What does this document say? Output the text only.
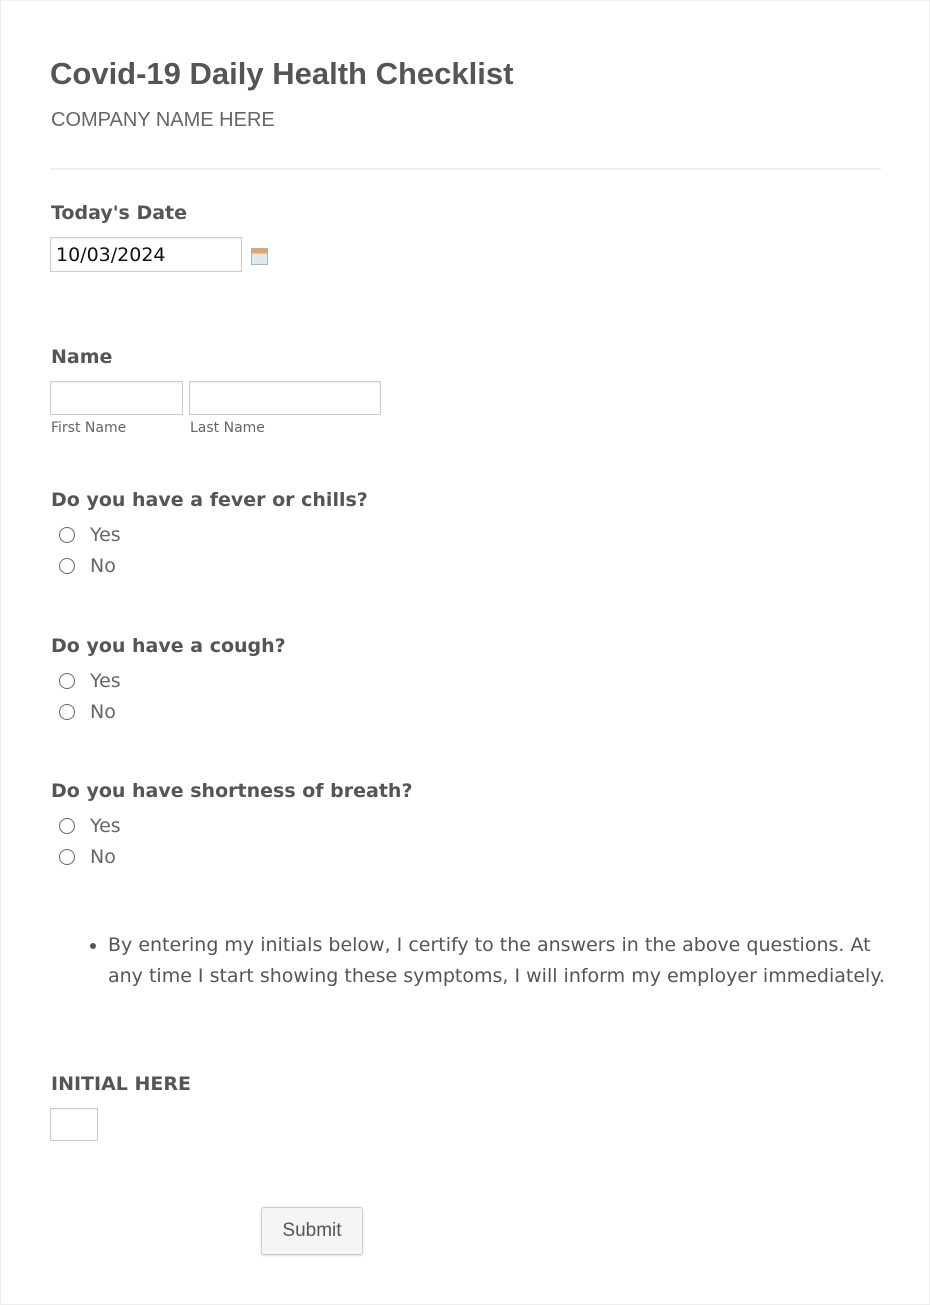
Covid-19 Daily Health Checklist
COMPANY NAME HERE
Today's Date
10/03/2024
Name
First Name	Last Name
Do you have a fever or chills?
Yes
No
Do you have a cough?
Yes
No
Do you have shortness of breath?
Yes
No
• By entering my initials below, I certify to the answers in the above questions. At any time I start showing these symptoms, I will inform my employer immediately.
INITIAL HERE
Submit
